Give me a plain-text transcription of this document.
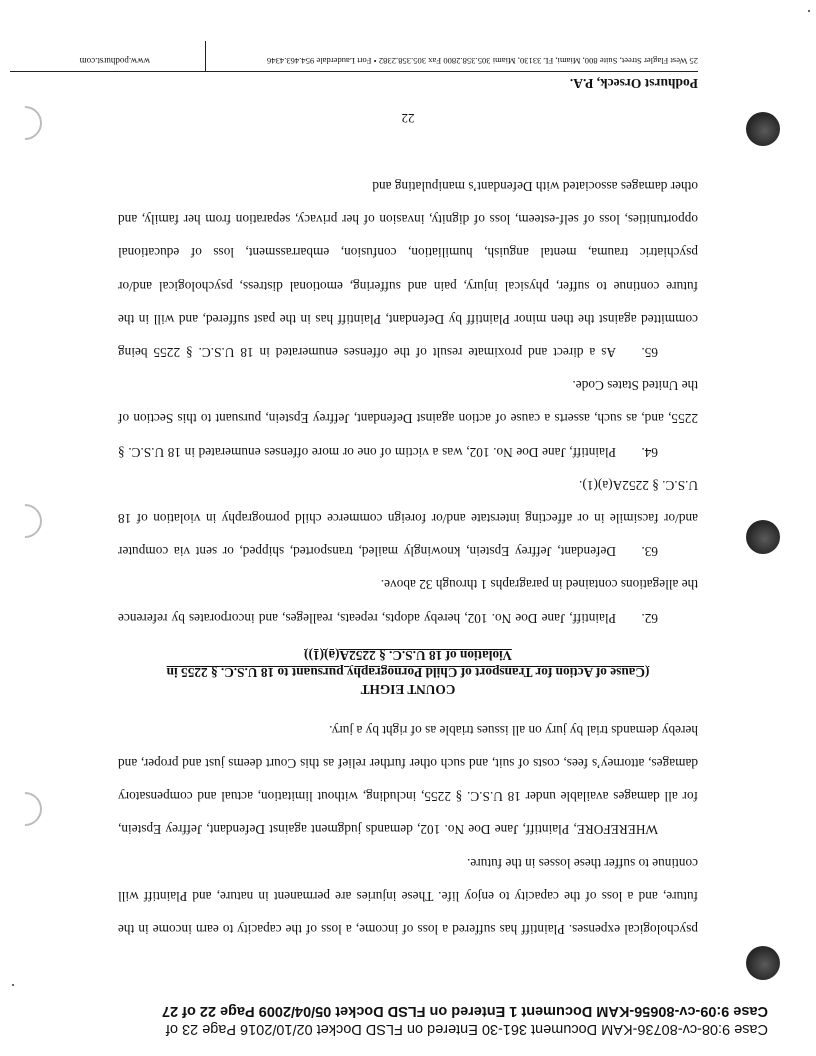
Case 9:08-cv-80736-KAM Document 361-30 Entered on FLSD Docket 02/10/2016 Page 23 of
Case 9:09-cv-80656-KAM Document 1 Entered on FLSD Docket 05/04/2009 Page 22 of 27

psychological expenses. Plaintiff has suffered a loss of income, a loss of the capacity to earn income in the future, and a loss of the capacity to enjoy life. These injuries are permanent in nature, and Plaintiff will continue to suffer these losses in the future.

WHEREFORE, Plaintiff, Jane Doe No. 102, demands judgment against Defendant, Jeffrey Epstein, for all damages available under 18 U.S.C. § 2255, including, without limitation, actual and compensatory damages, attorney’s fees, costs of suit, and such other further relief as this Court deems just and proper, and hereby demands trial by jury on all issues triable as of right by a jury.

COUNT EIGHT

(Cause of Action for Transport of Child Pornography pursuant to 18 U.S.C. § 2255 in

Violation of 18 U.S.C. § 2252A(a)(1))

62.Plaintiff, Jane Doe No. 102, hereby adopts, repeats, realleges, and incorporates by reference the allegations contained in paragraphs 1 through 32 above.

63.Defendant, Jeffrey Epstein, knowingly mailed, transported, shipped, or sent via computer and/or facsimile in or affecting interstate and/or foreign commerce child pornography in violation of 18 U.S.C. § 2252A(a)(1).

64.Plaintiff, Jane Doe No. 102, was a victim of one or more offenses enumerated in 18 U.S.C. § 2255, and, as such, asserts a cause of action against Defendant, Jeffrey Epstein, pursuant to this Section of the United States Code.

65.As a direct and proximate result of the offenses enumerated in 18 U.S.C. § 2255 being committed against the then minor Plaintiff by Defendant, Plaintiff has in the past suffered, and will in the future continue to suffer, physical injury, pain and suffering, emotional distress, psychological and/or psychiatric trauma, mental anguish, humiliation, confusion, embarrassment, loss of educational opportunities, loss of self-esteem, loss of dignity, invasion of her privacy, separation from her family, and other damages associated with Defendant’s manipulating and

22
Podhurst Orseck, P.A.
25 West Flagler Street, Suite 800, Miami, FL 33130, Miami 305.358.2800 Fax 305.358.2382 • Fort Lauderdale 954.463.4346
www.podhurst.com
